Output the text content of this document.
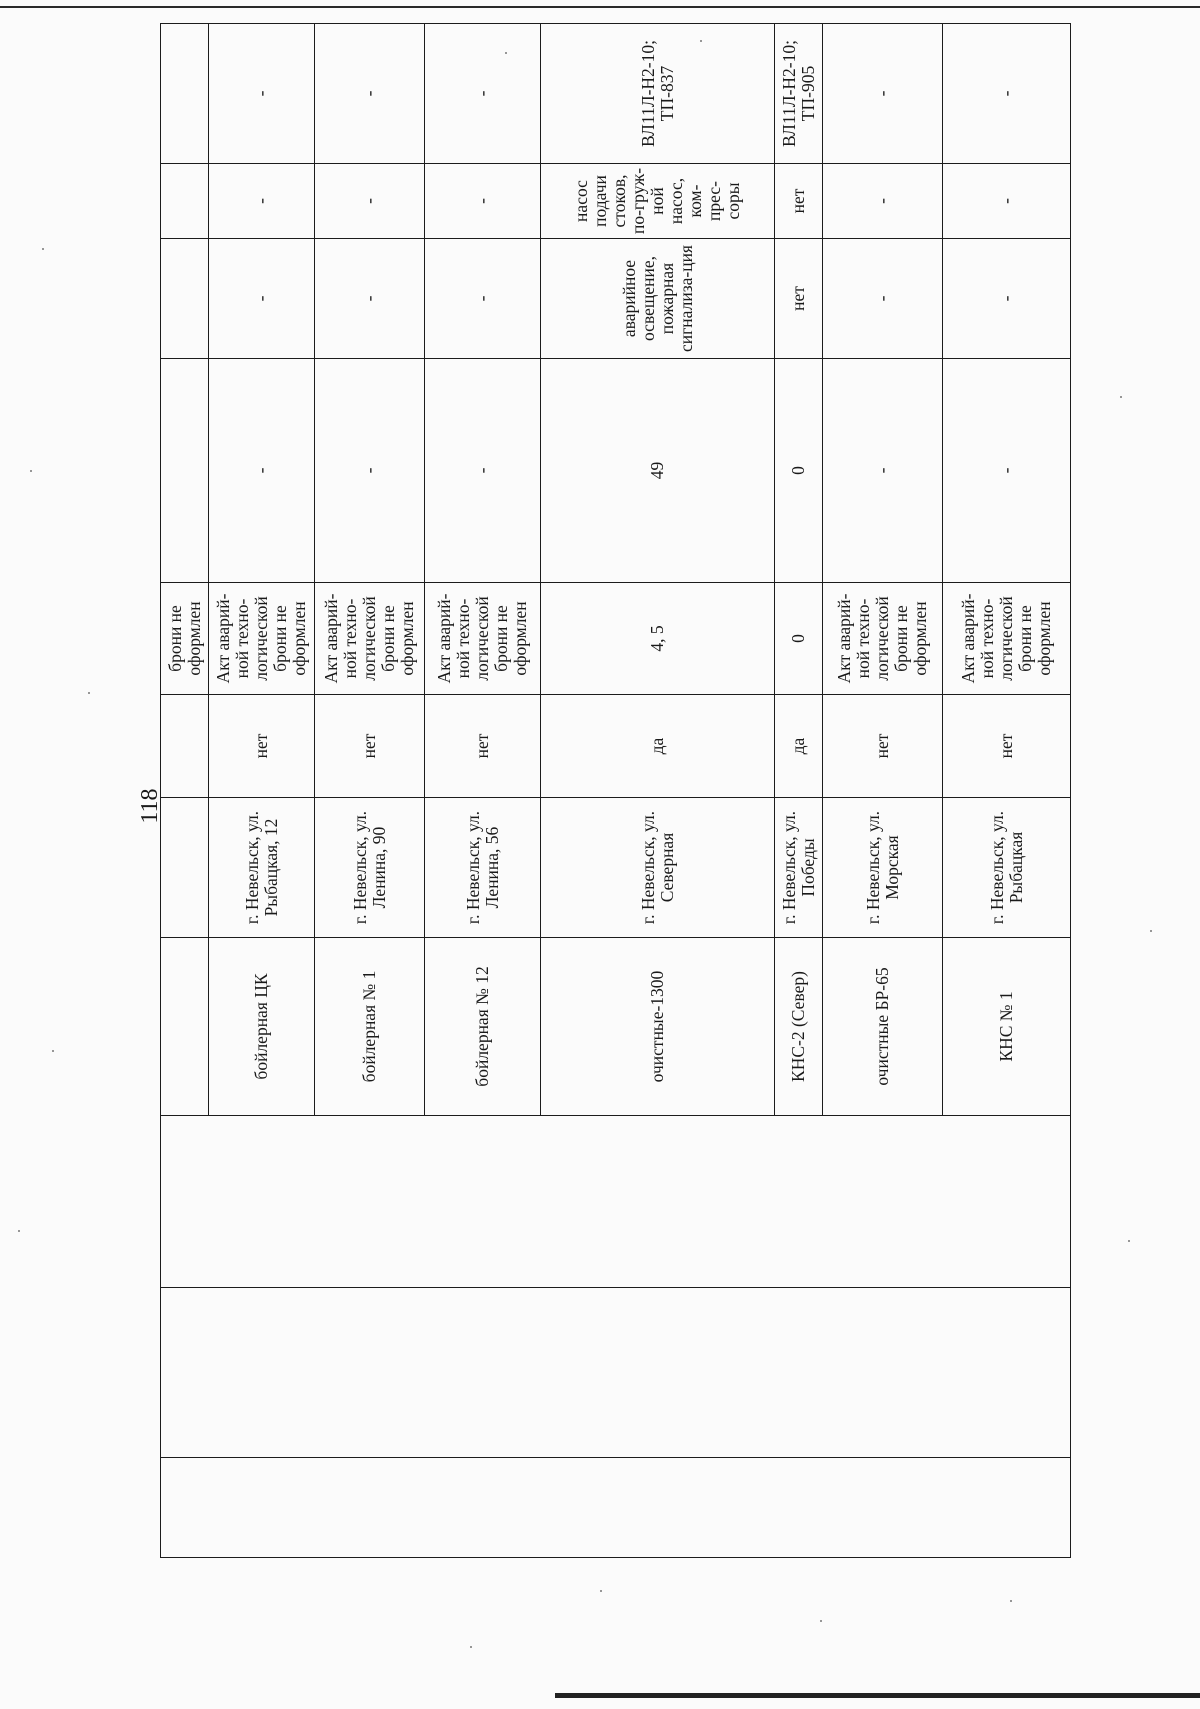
118
						брони не оформлен				
			бойлерная ЦК	г. Невельск, ул. Рыбацкая, 12	нет	Акт аварий-ной техно-логической брони не оформлен	-	-	-	-
			бойлерная № 1	г. Невельск, ул. Ленина, 90	нет	Акт аварий-ной техно-логической брони не оформлен	-	-	-	-
			бойлерная № 12	г. Невельск, ул. Ленина, 56	нет	Акт аварий-ной техно-логической брони не оформлен	-	-	-	-
			очистные-1300	г. Невельск, ул. Северная	да	4, 5	49	аварийное освещение, пожарная сигнализа-ция	насос подачи стоков, по-груж-ной насос, ком-прес-соры	ВЛ11Л-Н2-10; ТП-837
			КНС-2 (Север)	г. Невельск, ул. Победы	да	0	0	нет	нет	ВЛ11Л-Н2-10; ТП-905
			очистные БР-65	г. Невельск, ул. Морская	нет	Акт аварий-ной техно-логической брони не оформлен	-	-	-	-
			КНС № 1	г. Невельск, ул. Рыбацкая	нет	Акт аварий-ной техно-логической брони не оформлен	-	-	-	-
